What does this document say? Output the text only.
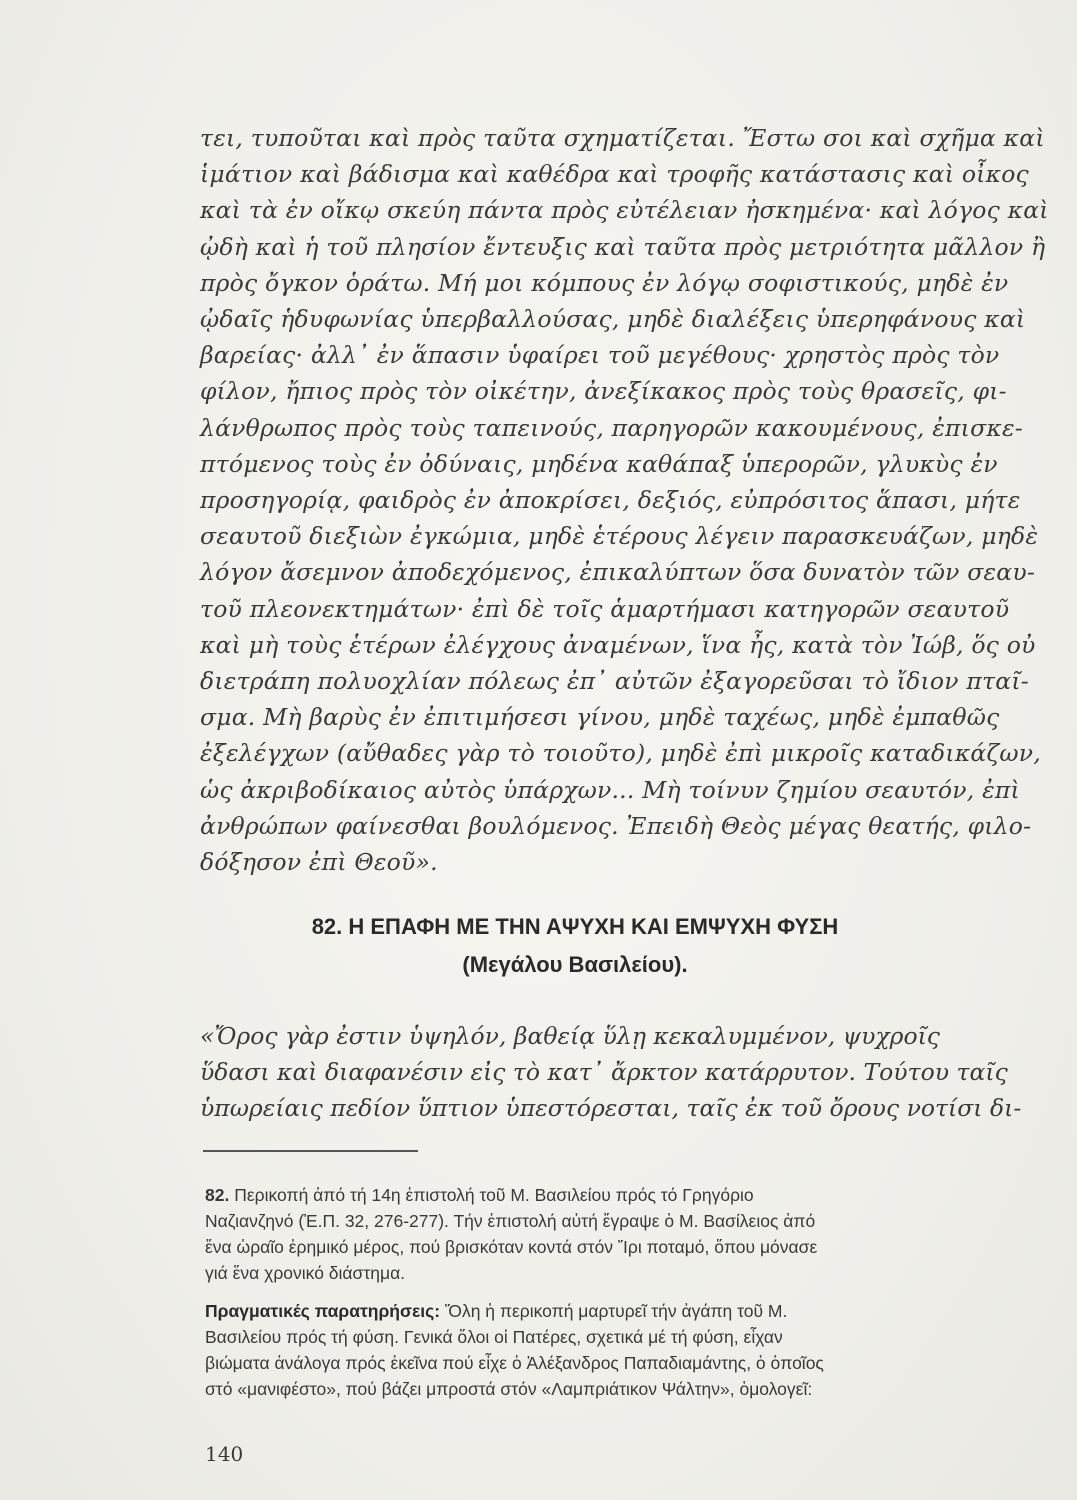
τει, τυποῦται καὶ πρὸς ταῦτα σχηματίζεται. Ἔστω σοι καὶ σχῆμα καὶ
ἱμάτιον καὶ βάδισμα καὶ καθέδρα καὶ τροφῆς κατάστασις καὶ οἶκος
καὶ τὰ ἐν οἴκῳ σκεύη πάντα πρὸς εὐτέλειαν ἠσκημένα· καὶ λόγος καὶ
ᾠδὴ καὶ ἡ τοῦ πλησίον ἔντευξις καὶ ταῦτα πρὸς μετριότητα μᾶλλον ἢ
πρὸς ὄγκον ὁράτω. Μή μοι κόμπους ἐν λόγῳ σοφιστικούς, μηδὲ ἐν
ᾠδαῖς ἡδυφωνίας ὑπερβαλλούσας, μηδὲ διαλέξεις ὑπερηφάνους καὶ
βαρείας· ἀλλ᾽ ἐν ἅπασιν ὑφαίρει τοῦ μεγέθους· χρηστὸς πρὸς τὸν
φίλον, ἤπιος πρὸς τὸν οἰκέτην, ἀνεξίκακος πρὸς τοὺς θρασεῖς, φι-
λάνθρωπος πρὸς τοὺς ταπεινούς, παρηγορῶν κακουμένους, ἐπισκε-
πτόμενος τοὺς ἐν ὀδύναις, μηδένα καθάπαξ ὑπερορῶν, γλυκὺς ἐν
προσηγορίᾳ, φαιδρὸς ἐν ἀποκρίσει, δεξιός, εὐπρόσιτος ἅπασι, μήτε
σεαυτοῦ διεξιὼν ἐγκώμια, μηδὲ ἑτέρους λέγειν παρασκευάζων, μηδὲ
λόγον ἄσεμνον ἀποδεχόμενος, ἐπικαλύπτων ὅσα δυνατὸν τῶν σεαυ-
τοῦ πλεονεκτημάτων· ἐπὶ δὲ τοῖς ἁμαρτήμασι κατηγορῶν σεαυτοῦ
καὶ μὴ τοὺς ἑτέρων ἐλέγχους ἀναμένων, ἵνα ἦς, κατὰ τὸν Ἰώβ, ὅς οὐ
διετράπη πολυοχλίαν πόλεως ἐπ᾽ αὐτῶν ἐξαγορεῦσαι τὸ ἴδιον πταῖ-
σμα. Μὴ βαρὺς ἐν ἐπιτιμήσεσι γίνου, μηδὲ ταχέως, μηδὲ ἐμπαθῶς
ἐξελέγχων (αὔθαδες γὰρ τὸ τοιοῦτο), μηδὲ ἐπὶ μικροῖς καταδικάζων,
ὡς ἀκριβοδίκαιος αὐτὸς ὑπάρχων... Μὴ τοίνυν ζημίου σεαυτόν, ἐπὶ
ἀνθρώπων φαίνεσθαι βουλόμενος. Ἐπειδὴ Θεὸς μέγας θεατής, φιλο-
δόξησον ἐπὶ Θεοῦ».
82. Η ΕΠΑΦΗ ΜΕ ΤΗΝ ΑΨΥΧΗ ΚΑΙ ΕΜΨΥΧΗ ΦΥΣΗ
(Μεγάλου Βασιλείου).
«Ὄρος γὰρ ἐστιν ὑψηλόν, βαθείᾳ ὕλῃ κεκαλυμμένον, ψυχροῖς
ὕδασι καὶ διαφανέσιν εἰς τὸ κατ᾽ ἄρκτον κατάρρυτον. Τούτου ταῖς
ὑπωρείαις πεδίον ὕπτιον ὑπεστόρεσται, ταῖς ἐκ τοῦ ὄρους νοτίσι δι-
82. Περικοπή ἀπό τή 14η ἐπιστολή τοῦ Μ. Βασιλείου πρός τό Γρηγόριο
Ναζιανζηνό (Ἑ.Π. 32, 276-277). Τήν ἐπιστολή αὐτή ἔγραψε ὁ Μ. Βασίλειος ἀπό
ἕνα ὡραῖο ἐρημικό μέρος, πού βρισκόταν κοντά στόν Ἴρι ποταμό, ὅπου μόνασε
γιά ἕνα χρονικό διάστημα.
Πραγματικές παρατηρήσεις: Ὅλη ἡ περικοπή μαρτυρεῖ τήν ἀγάπη τοῦ Μ.
Βασιλείου πρός τή φύση. Γενικά ὅλοι οἱ Πατέρες, σχετικά μέ τή φύση, εἶχαν
βιώματα ἀνάλογα πρός ἐκεῖνα πού εἶχε ὁ Ἀλέξανδρος Παπαδιαμάντης, ὁ ὁποῖος
στό «μανιφέστο», πού βάζει μπροστά στόν «Λαμπριάτικον Ψάλτην», ὁμολογεῖ:
140
